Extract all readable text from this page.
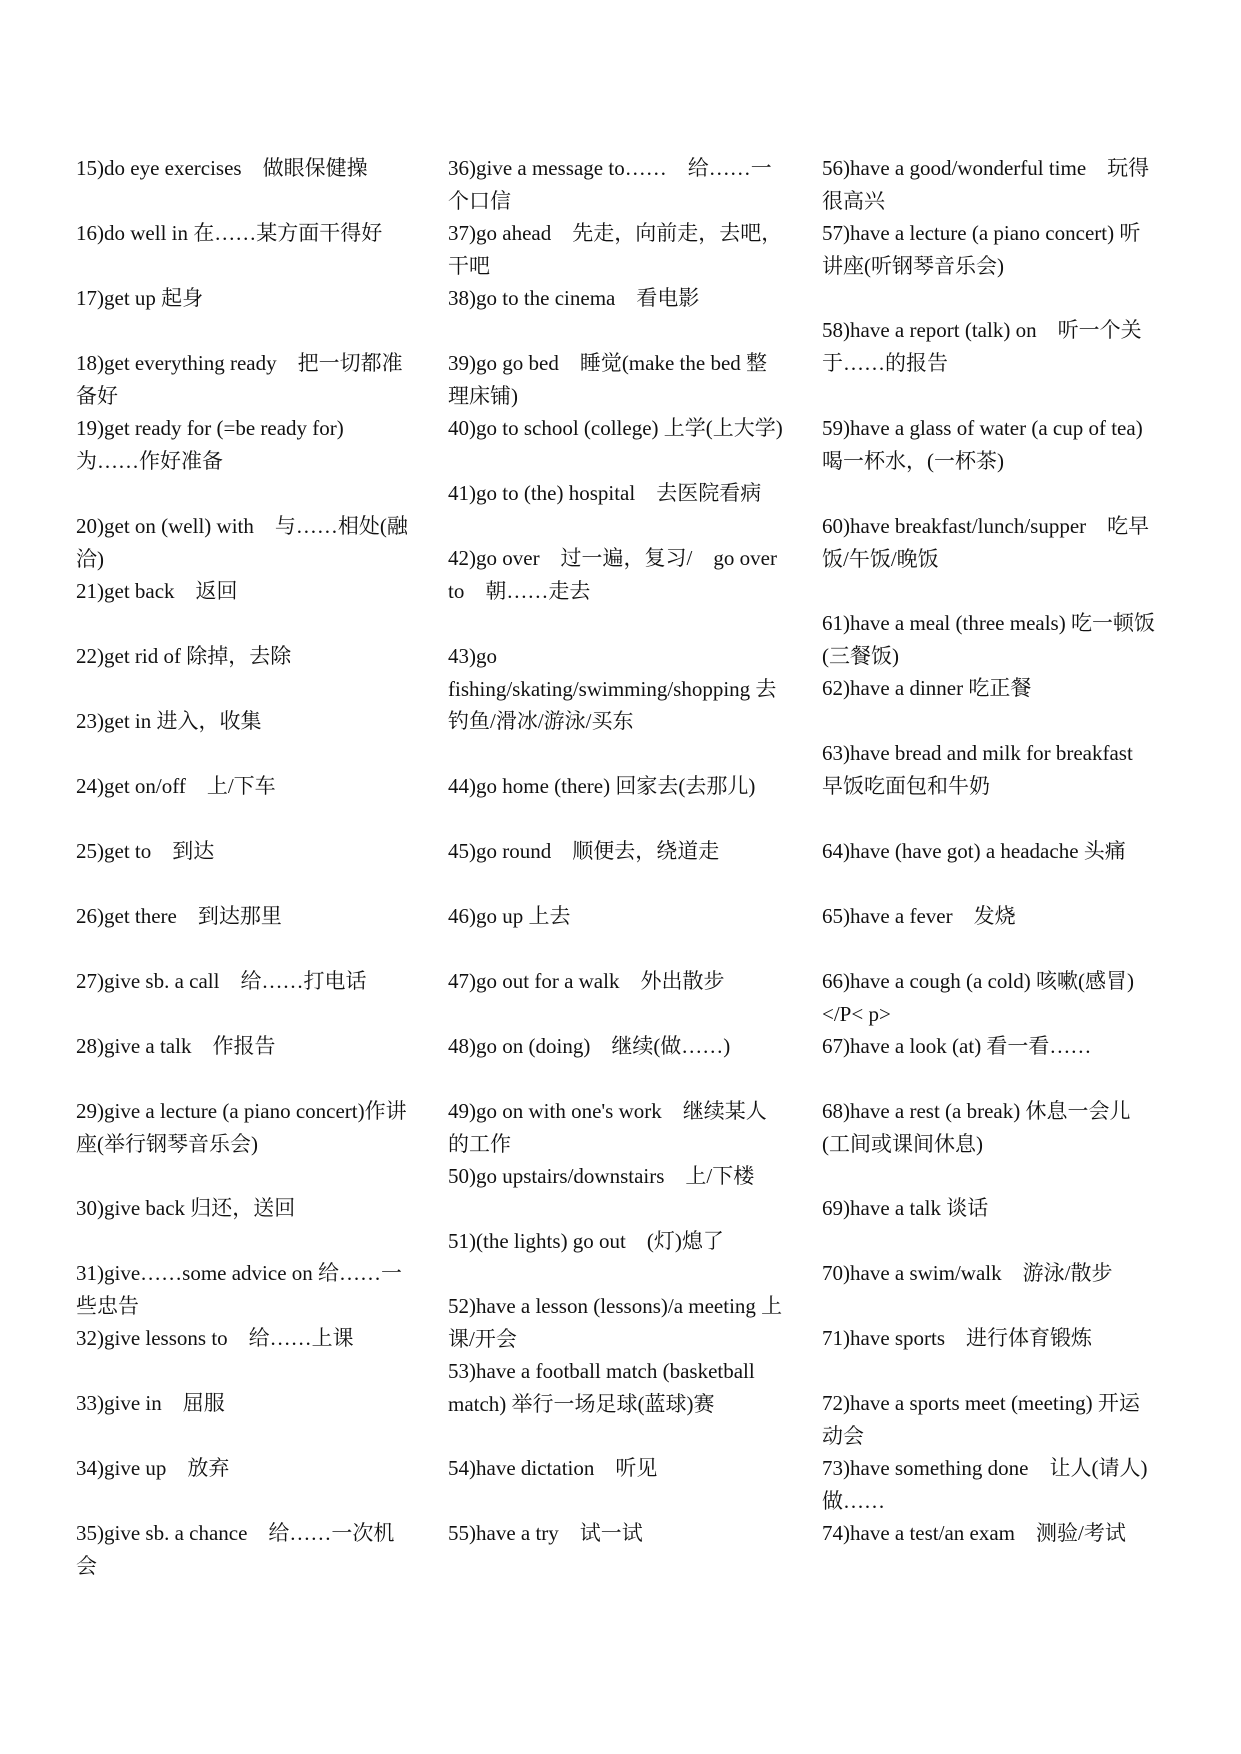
15)do eye exercises　做眼保健操
16)do well in 在……某方面干得好
17)get up 起身
18)get everything ready　把一切都准备好
19)get ready for (=be ready for) 为……作好准备
20)get on (well) with　与……相处(融洽)
21)get back　返回
22)get rid of 除掉，去除
23)get in 进入，收集
24)get on/off　上/下车
25)get to　到达
26)get there　到达那里
27)give sb. a call　给……打电话
28)give a talk　作报告
29)give a lecture (a piano concert)作讲座(举行钢琴音乐会)
30)give back 归还，送回
31)give……some advice on 给……一些忠告
32)give lessons to　给……上课
33)give in　屈服
34)give up　放弃
35)give sb. a chance　给……一次机会
36)give a message to……　给……一个口信
37)go ahead　先走，向前走，去吧，干吧
38)go to the cinema　看电影
39)go go bed　睡觉(make the bed 整理床铺)
40)go to school (college) 上学(上大学)
41)go to (the) hospital　去医院看病
42)go over　过一遍，复习/　go over to　朝……走去
43)go fishing/skating/swimming/shopping 去钓鱼/滑冰/游泳/买东
44)go home (there) 回家去(去那儿)
45)go round　顺便去，绕道走
46)go up 上去
47)go out for a walk　外出散步
48)go on (doing)　继续(做……)
49)go on with one's work　继续某人的工作
50)go upstairs/downstairs　上/下楼
51)(the lights) go out　(灯)熄了
52)have a lesson (lessons)/a meeting 上课/开会
53)have a football match (basketball match) 举行一场足球(蓝球)赛
54)have dictation　听见
55)have a try　试一试
56)have a good/wonderful time　玩得很高兴
57)have a lecture (a piano concert) 听讲座(听钢琴音乐会)
58)have a report (talk) on　听一个关于……的报告
59)have a glass of water (a cup of tea) 喝一杯水，(一杯茶)
60)have breakfast/lunch/supper　吃早饭/午饭/晚饭
61)have a meal (three meals) 吃一顿饭(三餐饭)
62)have a dinner 吃正餐
63)have bread and milk for breakfast 早饭吃面包和牛奶
64)have (have got) a headache 头痛
65)have a fever　发烧
66)have a cough (a cold) 咳嗽(感冒)</P< p>
67)have a look (at) 看一看……
68)have a rest (a break) 休息一会儿(工间或课间休息)
69)have a talk 谈话
70)have a swim/walk　游泳/散步
71)have sports　进行体育锻炼
72)have a sports meet (meeting) 开运动会
73)have something done　让人(请人)做……
74)have a test/an exam　测验/考试
